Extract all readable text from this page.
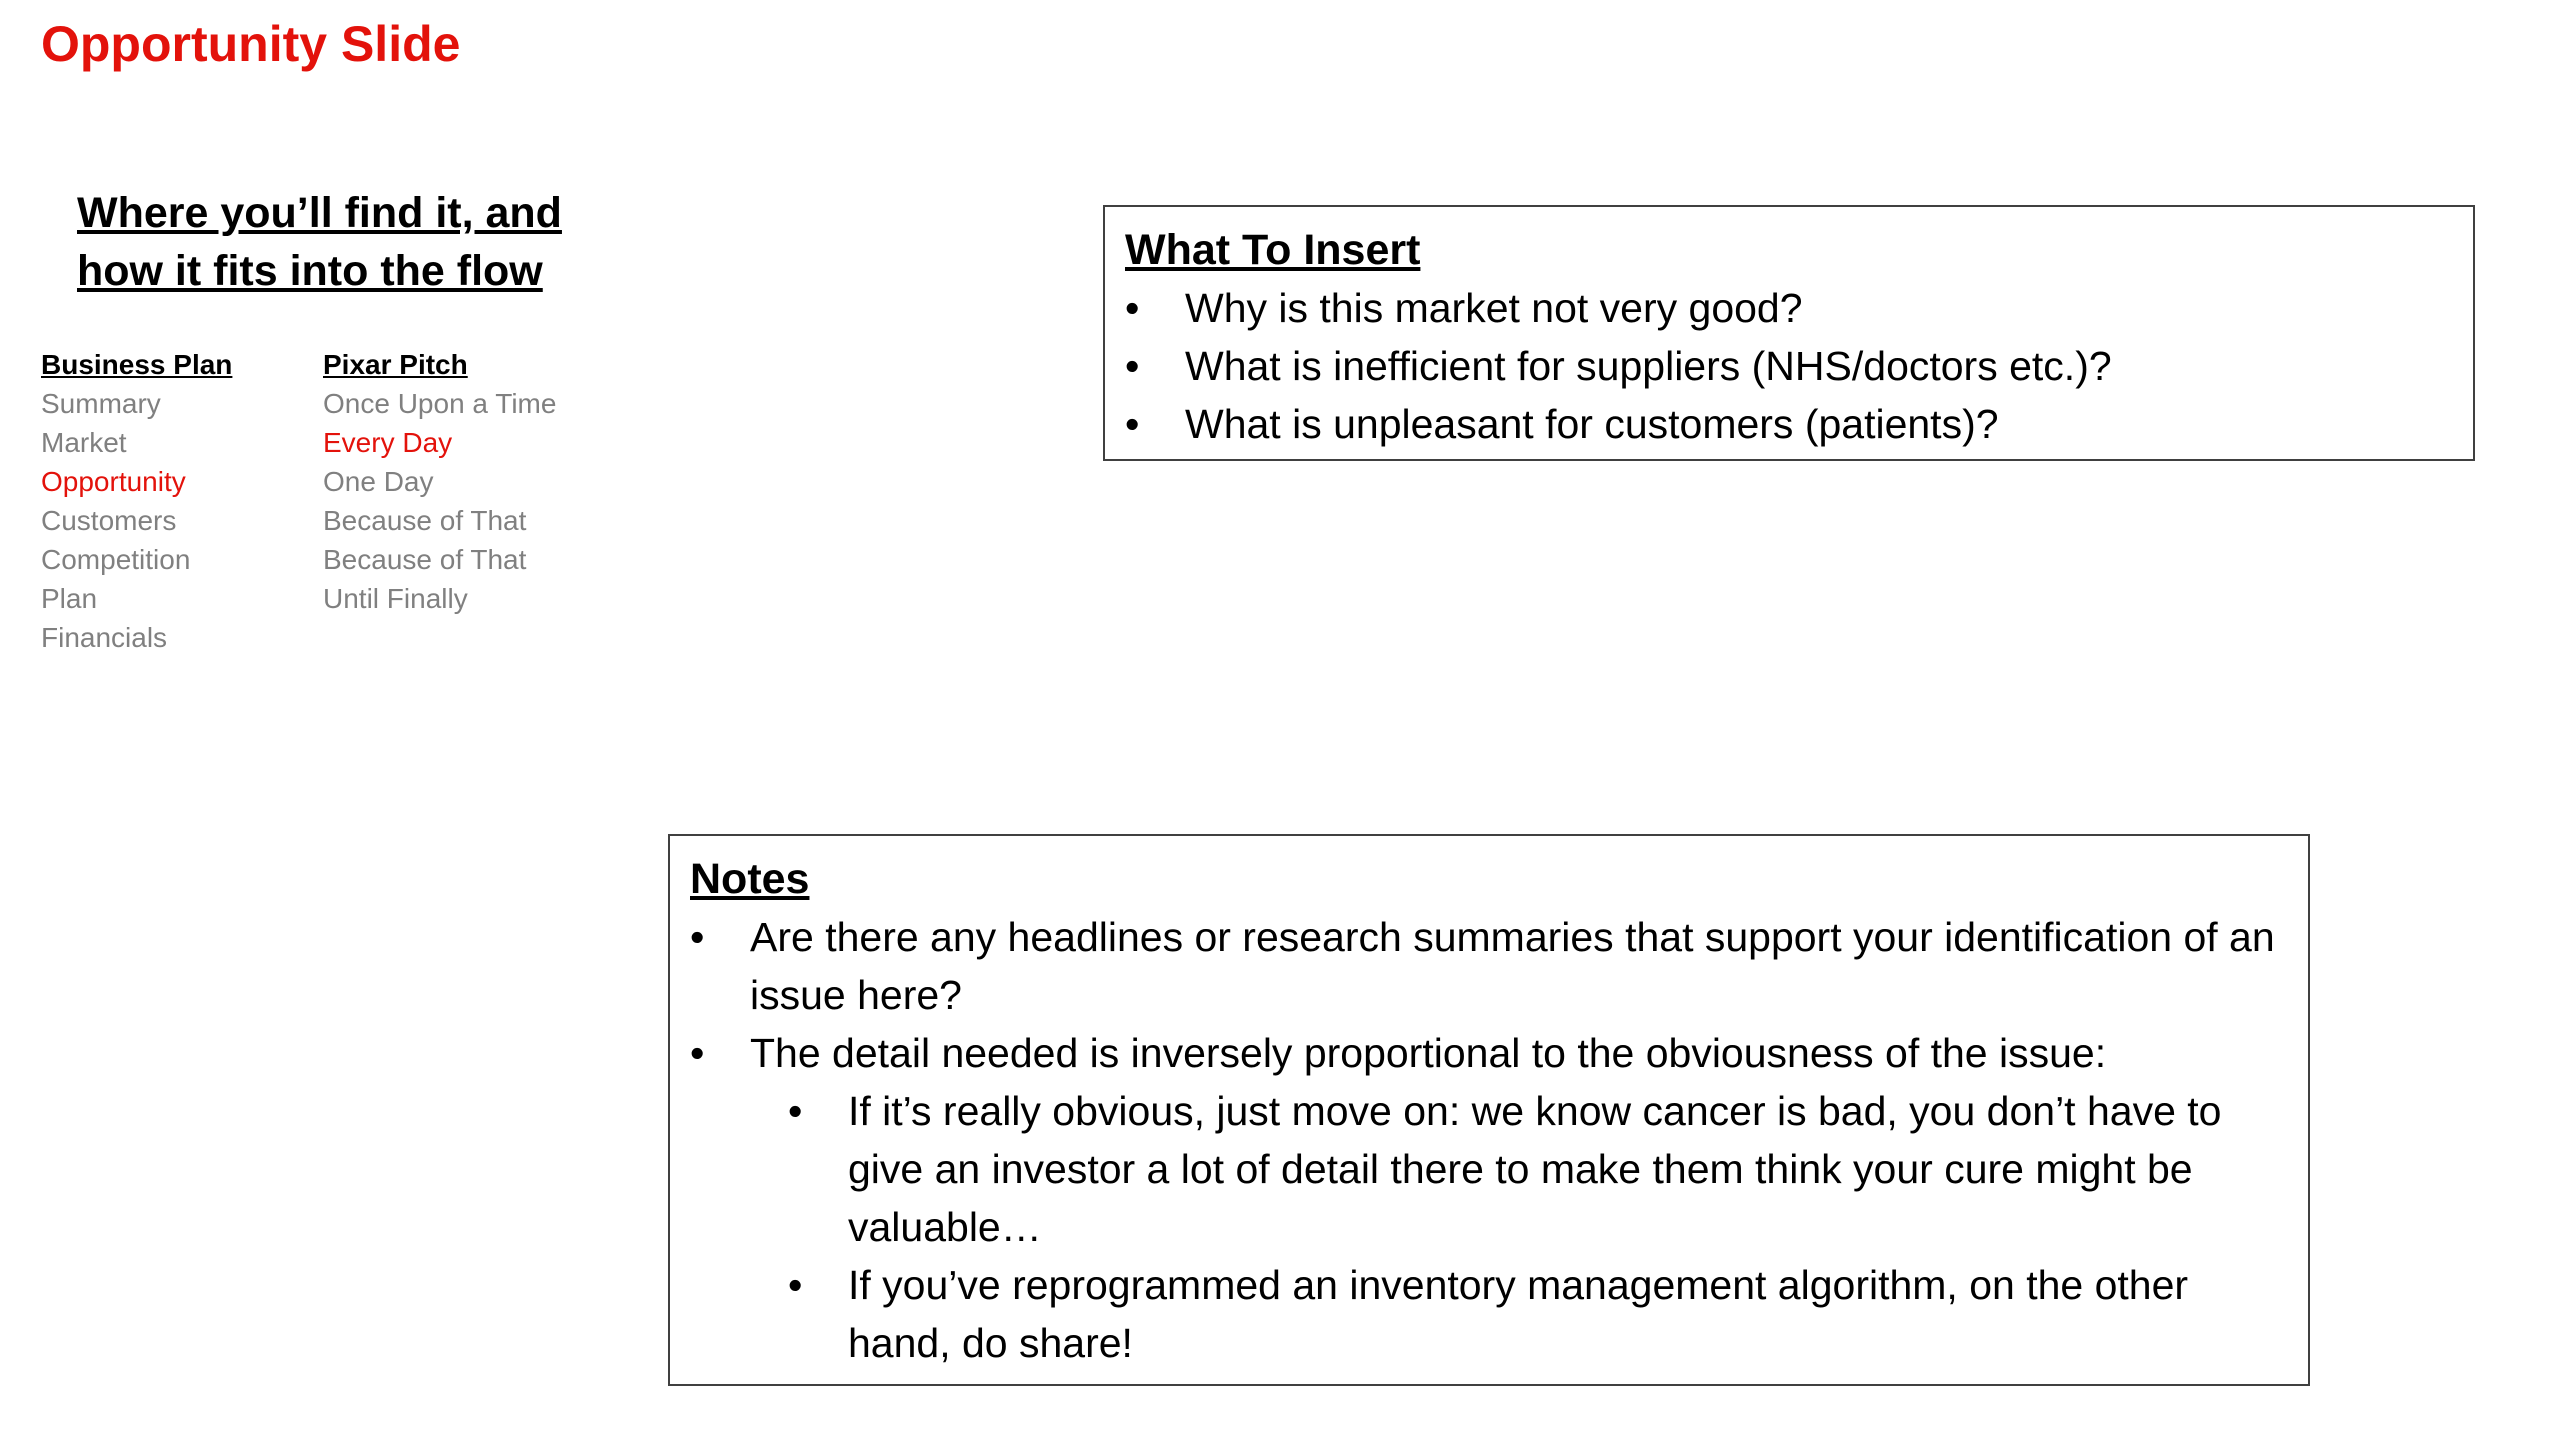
Opportunity Slide
Where you’ll find it, and
how it fits into the flow
Business Plan
Summary
Market
Opportunity
Customers
Competition
Plan
Financials
Pixar Pitch
Once Upon a Time
Every Day
One Day
Because of That
Because of That
Until Finally
What To Insert
• Why is this market not very good?
• What is inefficient for suppliers (NHS/doctors etc.)?
• What is unpleasant for customers (patients)?
Notes
• Are there any headlines or research summaries that support your identification of an issue here?
• The detail needed is inversely proportional to the obviousness of the issue:
• If it’s really obvious, just move on: we know cancer is bad, you don’t have to give an investor a lot of detail there to make them think your cure might be valuable…
• If you’ve reprogrammed an inventory management algorithm, on the other hand, do share!
